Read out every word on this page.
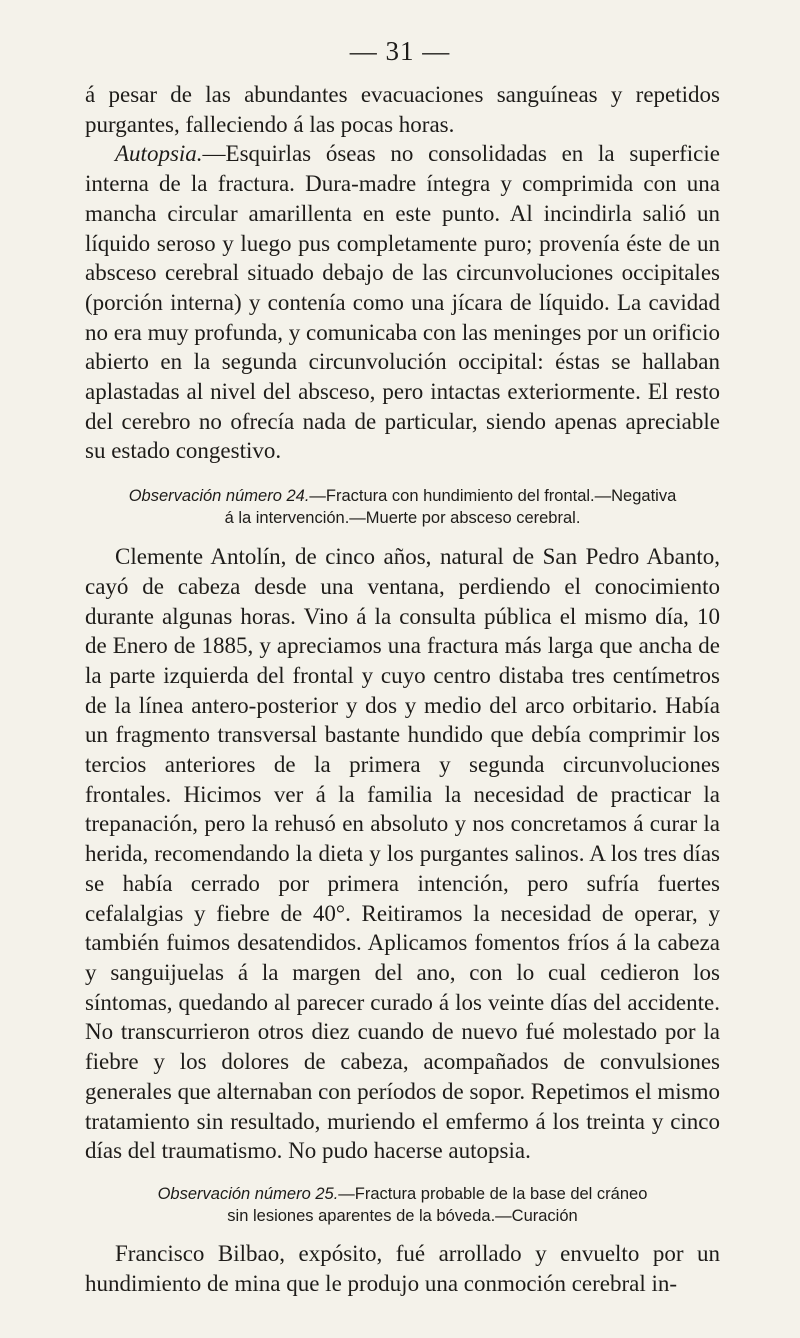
— 31 —

á pesar de las abundantes evacuaciones sanguíneas y repetidos purgantes, falleciendo á las pocas horas.

Autopsia.—Esquirlas óseas no consolidadas en la superficie interna de la fractura. Dura-madre íntegra y comprimida con una mancha circular amarillenta en este punto. Al incindirla salió un líquido seroso y luego pus completamente puro; provenía éste de un absceso cerebral situado debajo de las circunvoluciones occipitales (porción interna) y contenía como una jícara de líquido. La cavidad no era muy profunda, y comunicaba con las meninges por un orificio abierto en la segunda circunvolución occipital: éstas se hallaban aplastadas al nivel del absceso, pero intactas exteriormente. El resto del cerebro no ofrecía nada de particular, siendo apenas apreciable su estado congestivo.

Observación número 24.—Fractura con hundimiento del frontal.—Negativa
á la intervención.—Muerte por absceso cerebral.

Clemente Antolín, de cinco años, natural de San Pedro Abanto, cayó de cabeza desde una ventana, perdiendo el conocimiento durante algunas horas. Vino á la consulta pública el mismo día, 10 de Enero de 1885, y apreciamos una fractura más larga que ancha de la parte izquierda del frontal y cuyo centro distaba tres centímetros de la línea antero-posterior y dos y medio del arco orbitario. Había un fragmento transversal bastante hundido que debía comprimir los tercios anteriores de la primera y segunda circunvoluciones frontales. Hicimos ver á la familia la necesidad de practicar la trepanación, pero la rehusó en absoluto y nos concretamos á curar la herida, recomendando la dieta y los purgantes salinos. A los tres días se había cerrado por primera intención, pero sufría fuertes cefalalgias y fiebre de 40°. Reitiramos la necesidad de operar, y también fuimos desatendidos. Aplicamos fomentos fríos á la cabeza y sanguijuelas á la margen del ano, con lo cual cedieron los síntomas, quedando al parecer curado á los veinte días del accidente. No transcurrieron otros diez cuando de nuevo fué molestado por la fiebre y los dolores de cabeza, acompañados de convulsiones generales que alternaban con períodos de sopor. Repetimos el mismo tratamiento sin resultado, muriendo el emfermo á los treinta y cinco días del traumatismo. No pudo hacerse autopsia.

Observación número 25.—Fractura probable de la base del cráneo
sin lesiones aparentes de la bóveda.—Curación

Francisco Bilbao, expósito, fué arrollado y envuelto por un hundimiento de mina que le produjo una conmoción cerebral in-
